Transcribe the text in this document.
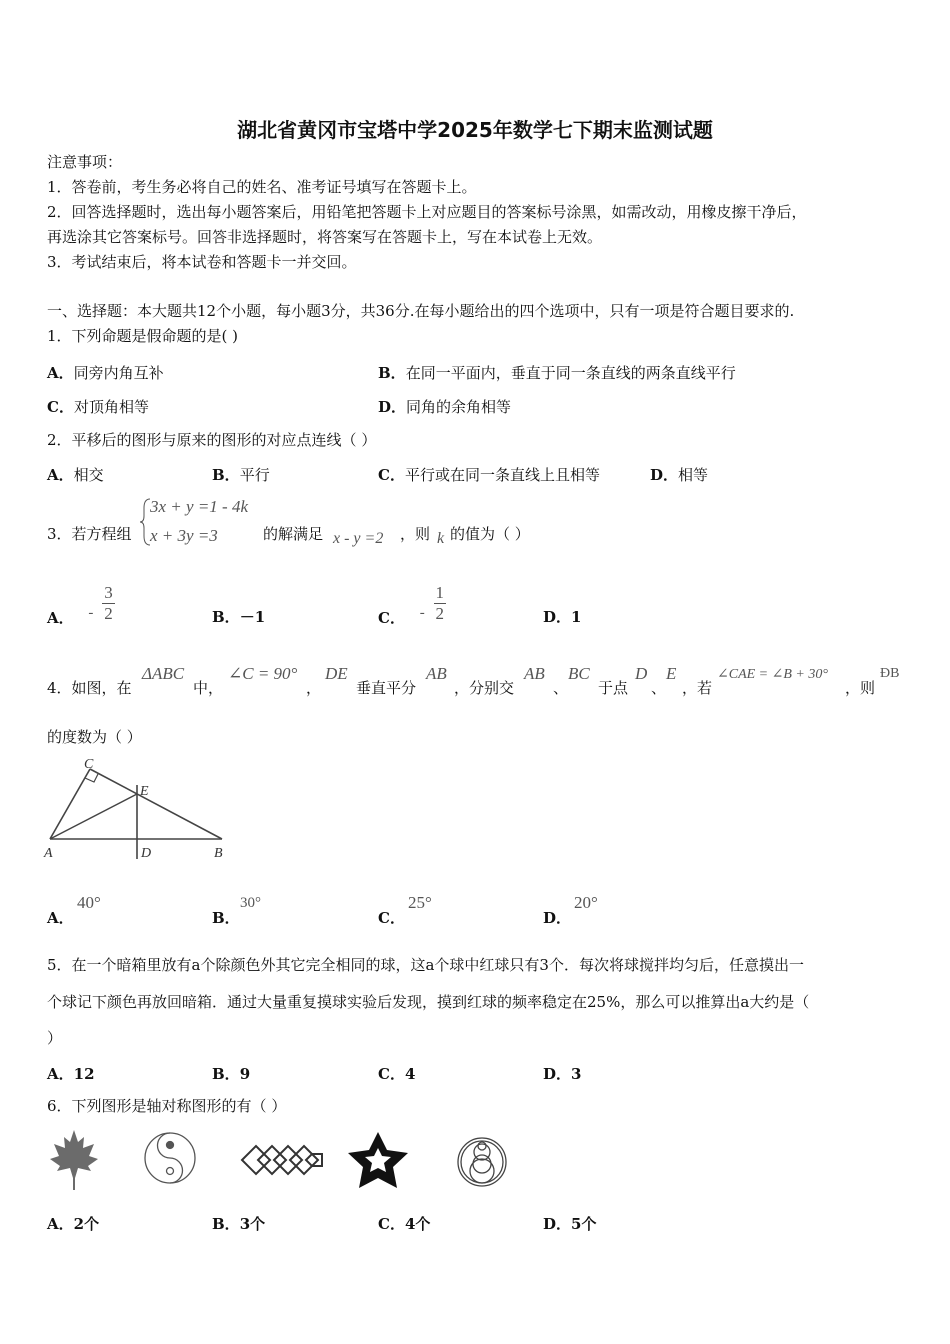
湖北省黄冈市宝塔中学2025年数学七下期末监测试题
注意事项：
1．答卷前，考生务必将自己的姓名、准考证号填写在答题卡上。
2．回答选择题时，选出每小题答案后，用铅笔把答题卡上对应题目的答案标号涂黑，如需改动，用橡皮擦干净后，
再选涂其它答案标号。回答非选择题时，将答案写在答题卡上，写在本试卷上无效。
3．考试结束后，将本试卷和答题卡一并交回。
一、选择题：本大题共12个小题，每小题3分，共36分.在每小题给出的四个选项中，只有一项是符合题目要求的.
1．下列命题是假命题的是( )
A．同旁内角互补	B．在同一平面内，垂直于同一条直线的两条直线平行
C．对顶角相等	D．同角的余角相等
2．平移后的图形与原来的图形的对应点连线（ ）
A．相交	B．平行	C．平行或在同一条直线上且相等	D．相等
3．若方程组
3x + y =1 - 4k
x + 3y =3	的解满足 x - y =2 ，则 k 的值为（ ）
A． - $\frac{3}{2}$	B．－1	C． - $\frac{1}{2}$	D．1
4．如图，在
ΔABC
中，
∠C = 90°
，
DE
垂直平分
AB
，分别交
AB
、
BC
于点
D
、
E
，若
∠CAE = ∠B + 30°
，则
ÐB
的度数为（ ）
C
E
A	D	B
A．
40°
B．
30°
C．
25°
D．
20°
5．在一个暗箱里放有a个除颜色外其它完全相同的球，这a个球中红球只有3个．每次将球搅拌均匀后，任意摸出一
个球记下颜色再放回暗箱．通过大量重复摸球实验后发现，摸到红球的频率稳定在25%，那么可以推算出a大约是（
）
A．12	B．9	C．4	D．3
6．下列图形是轴对称图形的有（ ）
A．2个	B．3个	C．4个	D．5个
